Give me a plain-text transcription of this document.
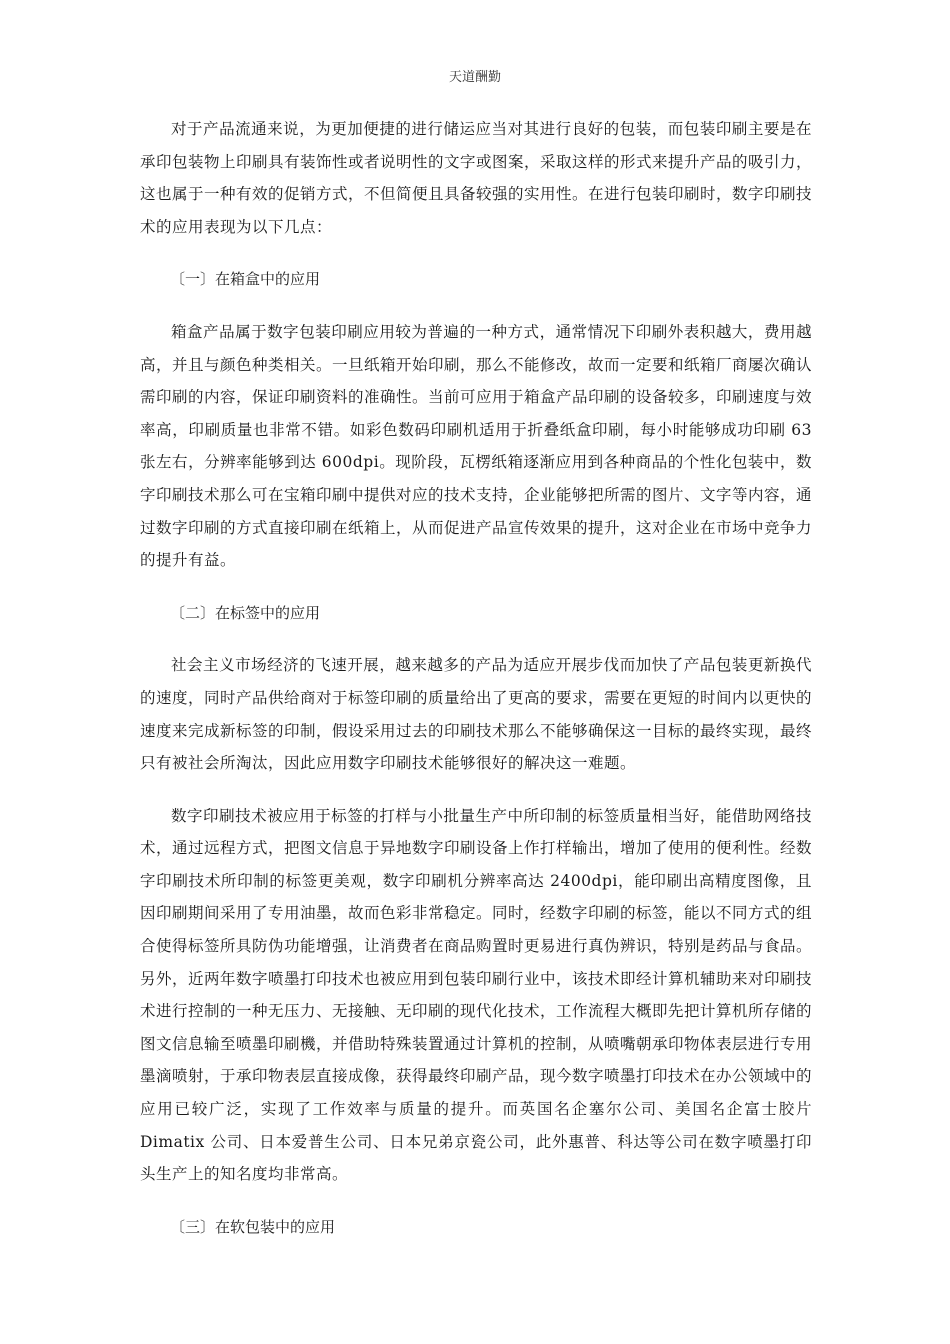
天道酬勤

对于产品流通来说，为更加便捷的进行储运应当对其进行良好的包装，而包装印刷主要是在承印包装物上印刷具有装饰性或者说明性的文字或图案，采取这样的形式来提升产品的吸引力，这也属于一种有效的促销方式，不但简便且具备较强的实用性。在进行包装印刷时，数字印刷技术的应用表现为以下几点：

〔一〕在箱盒中的应用

箱盒产品属于数字包装印刷应用较为普遍的一种方式，通常情况下印刷外表积越大，费用越高，并且与颜色种类相关。一旦纸箱开始印刷，那么不能修改，故而一定要和纸箱厂商屡次确认需印刷的内容，保证印刷资料的准确性。当前可应用于箱盒产品印刷的设备较多，印刷速度与效率高，印刷质量也非常不错。如彩色数码印刷机适用于折叠纸盒印刷，每小时能够成功印刷 63 张左右，分辨率能够到达 600dpi。现阶段，瓦楞纸箱逐渐应用到各种商品的个性化包装中，数字印刷技术那么可在宝箱印刷中提供对应的技术支持，企业能够把所需的图片、文字等内容，通过数字印刷的方式直接印刷在纸箱上，从而促进产品宣传效果的提升，这对企业在市场中竞争力的提升有益。

〔二〕在标签中的应用

社会主义市场经济的飞速开展，越来越多的产品为适应开展步伐而加快了产品包装更新换代的速度，同时产品供给商对于标签印刷的质量给出了更高的要求，需要在更短的时间内以更快的速度来完成新标签的印制，假设采用过去的印刷技术那么不能够确保这一目标的最终实现，最终只有被社会所淘汰，因此应用数字印刷技术能够很好的解决这一难题。

数字印刷技术被应用于标签的打样与小批量生产中所印制的标签质量相当好，能借助网络技术，通过远程方式，把图文信息于异地数字印刷设备上作打样输出，增加了使用的便利性。经数字印刷技术所印制的标签更美观，数字印刷机分辨率高达 2400dpi，能印刷出高精度图像，且因印刷期间采用了专用油墨，故而色彩非常稳定。同时，经数字印刷的标签，能以不同方式的组合使得标签所具防伪功能增强，让消费者在商品购置时更易进行真伪辨识，特别是药品与食品。另外，近两年数字喷墨打印技术也被应用到包装印刷行业中，该技术即经计算机辅助来对印刷技术进行控制的一种无压力、无接触、无印刷的现代化技术，工作流程大概即先把计算机所存储的图文信息输至喷墨印刷機，并借助特殊装置通过计算机的控制，从喷嘴朝承印物体表层进行专用墨滴喷射，于承印物表层直接成像，获得最终印刷产品，现今数字喷墨打印技术在办公领域中的应用已较广泛，实现了工作效率与质量的提升。而英国名企塞尔公司、美国名企富士胶片 Dimatix 公司、日本爱普生公司、日本兄弟京瓷公司，此外惠普、科达等公司在数字喷墨打印头生产上的知名度均非常高。

〔三〕在软包装中的应用
